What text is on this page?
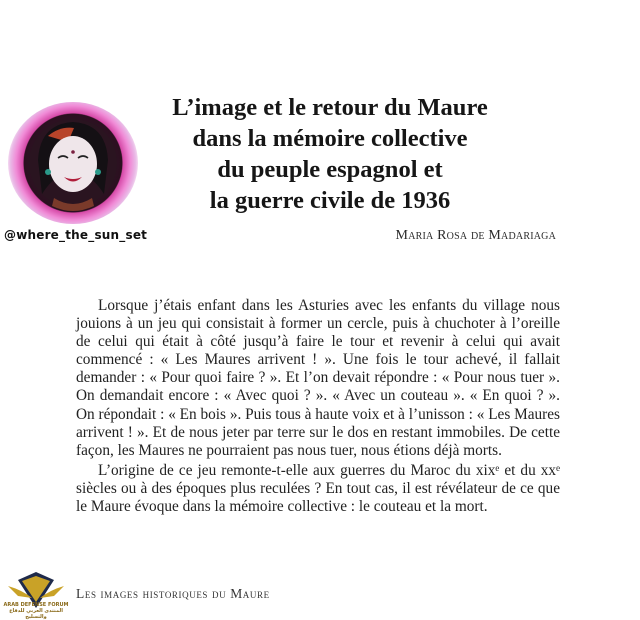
@where_the_sun_set
L’image et le retour du Maure
dans la mémoire collective
du peuple espagnol et
la guerre civile de 1936
Maria Rosa de Madariaga

Lorsque j’étais enfant dans les Asturies avec les enfants du village nous jouions à un jeu qui consistait à former un cercle, puis à chuchoter à l’oreille de celui qui était à côté jusqu’à faire le tour et revenir à celui qui avait commencé : « Les Maures arrivent ! ». Une fois le tour achevé, il fallait demander : « Pour quoi faire ? ». Et l’on devait répondre : « Pour nous tuer ». On demandait encore : « Avec quoi ? ». « Avec un couteau ». « En quoi ? ». On répondait : « En bois ». Puis tous à haute voix et à l’unisson : « Les Maures arrivent ! ». Et de nous jeter par terre sur le dos en restant immobiles. De cette façon, les Maures ne pourraient pas nous tuer, nous étions déjà morts.

L’origine de ce jeu remonte-t-elle aux guerres du Maroc du xixᵉ et du xxᵉ siècles ou à des époques plus reculées ? En tout cas, il est révélateur de ce que le Maure évoque dans la mémoire collective : le couteau et la mort.

Les images historiques du Maure
ARAB DEFENSE FORUM
المنتدى العربي للدفاع والتسليح
